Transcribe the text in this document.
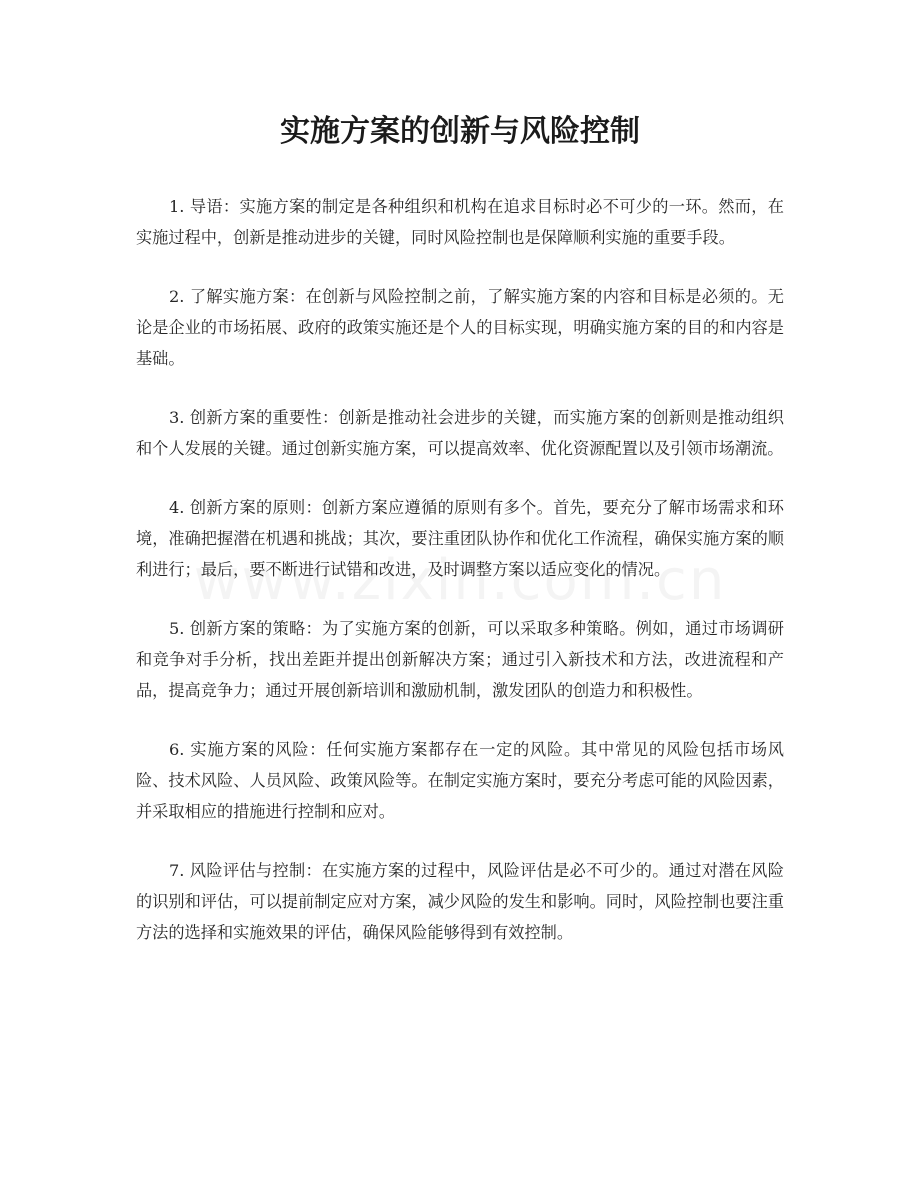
实施方案的创新与风险控制

1. 导语：实施方案的制定是各种组织和机构在追求目标时必不可少的一环。然而，在实施过程中，创新是推动进步的关键，同时风险控制也是保障顺利实施的重要手段。

2. 了解实施方案：在创新与风险控制之前，了解实施方案的内容和目标是必须的。无论是企业的市场拓展、政府的政策实施还是个人的目标实现，明确实施方案的目的和内容是基础。

3. 创新方案的重要性：创新是推动社会进步的关键，而实施方案的创新则是推动组织和个人发展的关键。通过创新实施方案，可以提高效率、优化资源配置以及引领市场潮流。

4. 创新方案的原则：创新方案应遵循的原则有多个。首先，要充分了解市场需求和环境，准确把握潜在机遇和挑战；其次，要注重团队协作和优化工作流程，确保实施方案的顺利进行；最后，要不断进行试错和改进，及时调整方案以适应变化的情况。

5. 创新方案的策略：为了实施方案的创新，可以采取多种策略。例如，通过市场调研和竞争对手分析，找出差距并提出创新解决方案；通过引入新技术和方法，改进流程和产品，提高竞争力；通过开展创新培训和激励机制，激发团队的创造力和积极性。

6. 实施方案的风险：任何实施方案都存在一定的风险。其中常见的风险包括市场风险、技术风险、人员风险、政策风险等。在制定实施方案时，要充分考虑可能的风险因素，并采取相应的措施进行控制和应对。

7. 风险评估与控制：在实施方案的过程中，风险评估是必不可少的。通过对潜在风险的识别和评估，可以提前制定应对方案，减少风险的发生和影响。同时，风险控制也要注重方法的选择和实施效果的评估，确保风险能够得到有效控制。
